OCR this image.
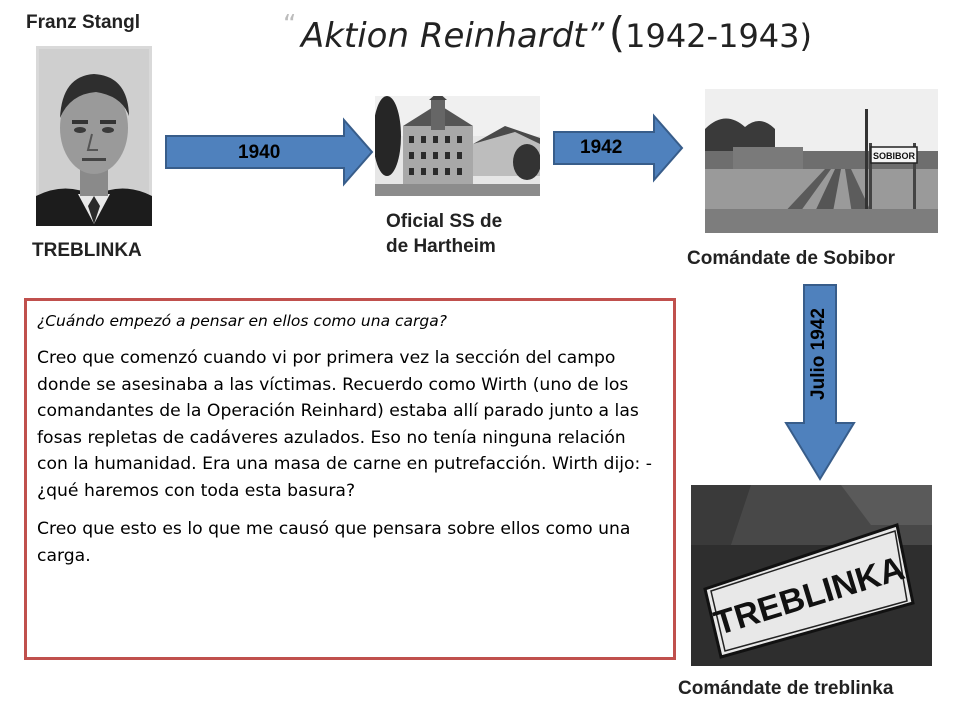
“ Aktion Reinhardt” (1942-1943)
Franz Stangl
TREBLINKA
1940
Oficial SS de
de Hartheim
1942	SOBIBOR
Comándate de Sobibor
Julio 1942
TREBLINKA
Comándate de treblinka

¿Cuándo empezó a pensar en ellos como una carga?

Creo que comenzó cuando vi por primera vez la sección del campo donde se asesinaba a las víctimas. Recuerdo como Wirth (uno de los comandantes de la Operación Reinhard) estaba allí parado junto a las fosas repletas de cadáveres azulados. Eso no tenía ninguna relación con la humanidad. Era una masa de carne en putrefacción. Wirth dijo: - ¿qué haremos con toda esta basura?

Creo que esto es lo que me causó que pensara sobre ellos como una carga.
